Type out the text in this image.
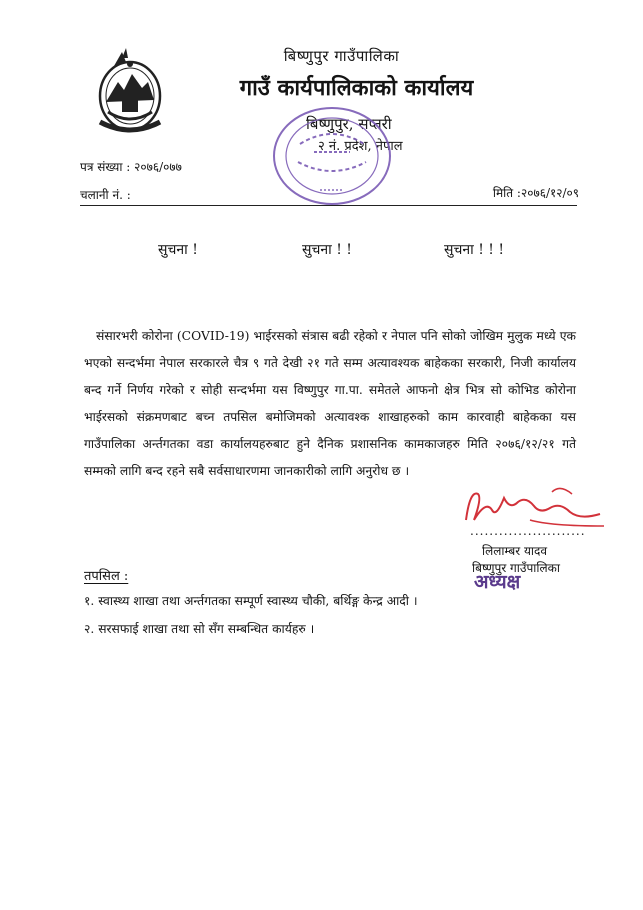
बिष्णुपुर गाउँपालिका
गाउँ कार्यपालिकाको कार्यालय
बिष्णुपुर, सप्तरी
२ नं. प्रदेश, नेपाल
पत्र संख्या : २०७६/०७७
चलानी नं. :	मिति :२०७६/१२/०९
सुचना !	सुचना ! !	सुचना ! ! !

संसारभरी कोरोना (COVID-19) भाईरसको संत्रास बढी रहेको र नेपाल पनि सोको जोखिम मुलुक मध्ये एक भएको सन्दर्भमा नेपाल सरकारले चैत्र ९ गते देखी २१ गते सम्म अत्यावश्यक बाहेकका सरकारी, निजी कार्यालय बन्द गर्ने निर्णय गरेको र सोही सन्दर्भमा यस विष्णुपुर गा.पा. समेतले आफनो क्षेत्र भित्र सो कोभिड कोरोना भाईरसको संक्रमणबाट बच्न तपसिल बमोजिमको अत्यावश्क शाखाहरुको काम कारवाही बाहेकका यस गाउँपालिका अर्न्तगतका वडा कार्यालयहरुबाट हुने दैनिक प्रशासनिक कामकाजहरु मिति २०७६/१२/२१ गते सम्मको लागि बन्द रहने सबै सर्वसाधारणमा जानकारीको लागि अनुरोध छ ।

........................
लिलाम्बर यादव
बिष्णुपुर गाउँपालिका
अध्यक्ष
तपसिल :
१. स्वास्थ्य शाखा तथा अर्न्तगतका सम्पूर्ण स्वास्थ्य चौकी, बर्थिङ्ग केन्द्र आदी ।
२. सरसफाई शाखा तथा सो सँग सम्बन्धित कार्यहरु ।
